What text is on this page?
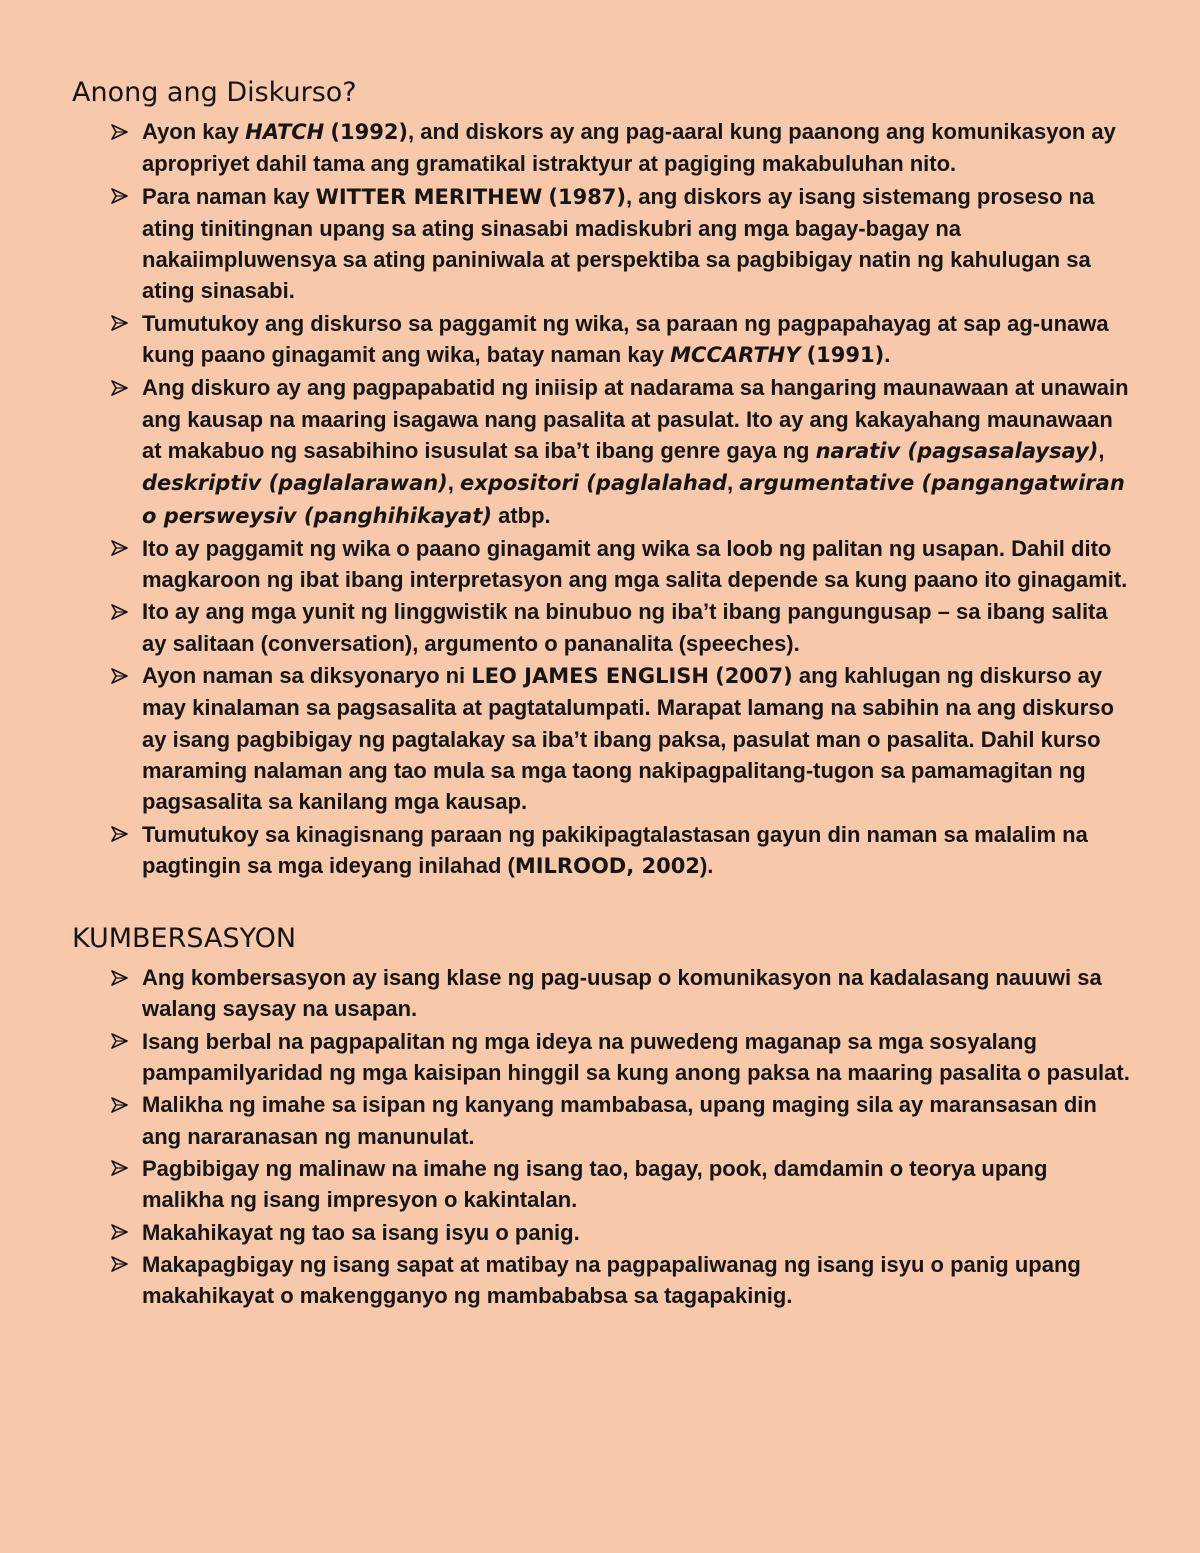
Anong ang Diskurso?
Ayon kay HATCH (1992), and diskors ay ang pag-aaral kung paanong ang komunikasyon ay apropriyet dahil tama ang gramatikal istraktyur at pagiging makabuluhan nito.
Para naman kay WITTER MERITHEW (1987), ang diskors ay isang sistemang proseso na ating tinitingnan upang sa ating sinasabi madiskubri ang mga bagay-bagay na nakaiimpluwensya sa ating paniniwala at perspektiba sa pagbibigay natin ng kahulugan sa ating sinasabi.
Tumutukoy ang diskurso sa paggamit ng wika, sa paraan ng pagpapahayag at sap ag-unawa kung paano ginagamit ang wika, batay naman kay MCCARTHY (1991).
Ang diskuro ay ang pagpapabatid ng iniisip at nadarama sa hangaring maunawaan at unawain ang kausap na maaring isagawa nang pasalita at pasulat. Ito ay ang kakayahang maunawaan at makabuo ng sasabihino isusulat sa iba’t ibang genre gaya ng narativ (pagsasalaysay), deskriptiv (paglalarawan), expositori (paglalahad, argumentative (pangangatwiran o persweysiv (panghihikayat) atbp.
Ito ay paggamit ng wika o paano ginagamit ang wika sa loob ng palitan ng usapan. Dahil dito magkaroon ng ibat ibang interpretasyon ang mga salita depende sa kung paano ito ginagamit.
Ito ay ang mga yunit ng linggwistik na binubuo ng iba’t ibang pangungusap – sa ibang salita ay salitaan (conversation), argumento o pananalita (speeches).
Ayon naman sa diksyonaryo ni LEO JAMES ENGLISH (2007) ang kahlugan ng diskurso ay may kinalaman sa pagsasalita at pagtatalumpati. Marapat lamang na sabihin na ang diskurso ay isang pagbibigay ng pagtalakay sa iba’t ibang paksa, pasulat man o pasalita. Dahil kurso maraming nalaman ang tao mula sa mga taong nakipagpalitang-tugon sa pamamagitan ng pagsasalita sa kanilang mga kausap.
Tumutukoy sa kinagisnang paraan ng pakikipagtalastasan gayun din naman sa malalim na pagtingin sa mga ideyang inilahad (MILROOD, 2002).
KUMBERSASYON
Ang kombersasyon ay isang klase ng pag-uusap o komunikasyon na kadalasang nauuwi sa walang saysay na usapan.
Isang berbal na pagpapalitan ng mga ideya na puwedeng maganap sa mga sosyalang pampamilyaridad ng mga kaisipan hinggil sa kung anong paksa na maaring pasalita o pasulat.
Malikha ng imahe sa isipan ng kanyang mambabasa, upang maging sila ay maransasan din ang nararanasan ng manunulat.
Pagbibigay ng malinaw na imahe ng isang tao, bagay, pook, damdamin o teorya upang malikha ng isang impresyon o kakintalan.
Makahikayat ng tao sa isang isyu o panig.
Makapagbigay ng isang sapat at matibay na pagpapaliwanag ng isang isyu o panig upang makahikayat o makengganyo ng mambababsa sa tagapakinig.
